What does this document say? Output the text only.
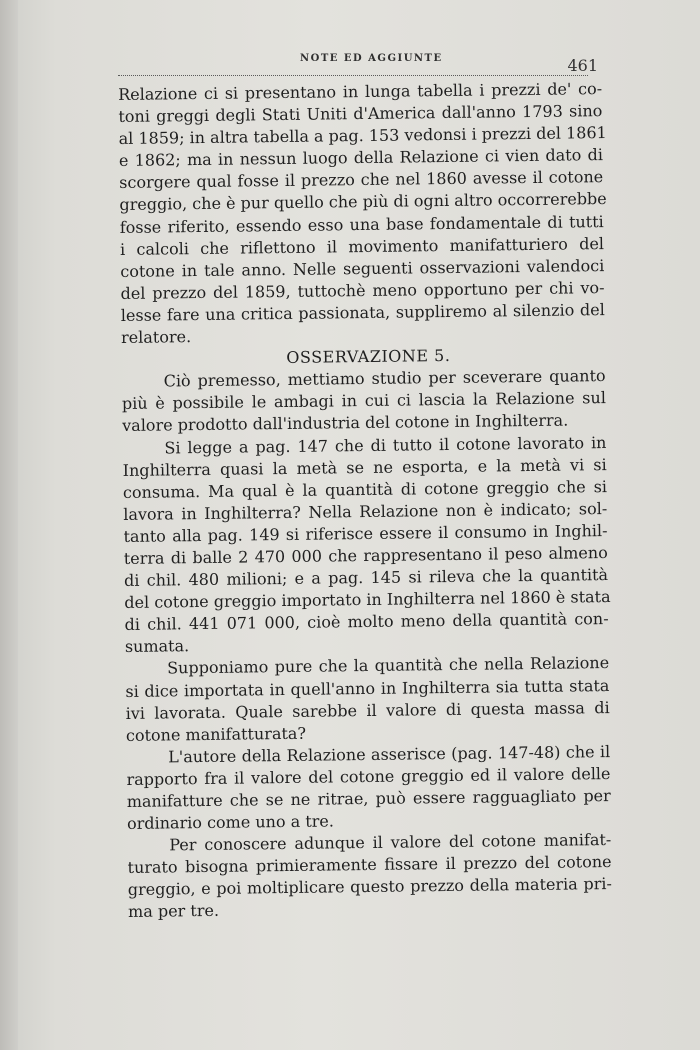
NOTE ED AGGIUNTE	461
Relazione ci si presentano in lunga tabella i prezzi de' co-
toni greggi degli Stati Uniti d'America dall'anno 1793 sino
al 1859; in altra tabella a pag. 153 vedonsi i prezzi del 1861
e 1862; ma in nessun luogo della Relazione ci vien dato di
scorgere qual fosse il prezzo che nel 1860 avesse il cotone
greggio, che è pur quello che più di ogni altro occorrerebbe
fosse riferito, essendo esso una base fondamentale di tutti
i calcoli che riflettono il movimento manifatturiero del
cotone in tale anno. Nelle seguenti osservazioni valendoci
del prezzo del 1859, tuttochè meno opportuno per chi vo-
lesse fare una critica passionata, suppliremo al silenzio del
relatore.
OSSERVAZIONE 5.
Ciò premesso, mettiamo studio per sceverare quanto
più è possibile le ambagi in cui ci lascia la Relazione sul
valore prodotto dall'industria del cotone in Inghilterra.
Si legge a pag. 147 che di tutto il cotone lavorato in
Inghilterra quasi la metà se ne esporta, e la metà vi si
consuma. Ma qual è la quantità di cotone greggio che si
lavora in Inghilterra? Nella Relazione non è indicato; sol-
tanto alla pag. 149 si riferisce essere il consumo in Inghil-
terra di balle 2 470 000 che rappresentano il peso almeno
di chil. 480 milioni; e a pag. 145 si rileva che la quantità
del cotone greggio importato in Inghilterra nel 1860 è stata
di chil. 441 071 000, cioè molto meno della quantità con-
sumata.
Supponiamo pure che la quantità che nella Relazione
si dice importata in quell'anno in Inghilterra sia tutta stata
ivi lavorata. Quale sarebbe il valore di questa massa di
cotone manifatturata?
L'autore della Relazione asserisce (pag. 147-48) che il
rapporto fra il valore del cotone greggio ed il valore delle
manifatture che se ne ritrae, può essere ragguagliato per
ordinario come uno a tre.
Per conoscere adunque il valore del cotone manifat-
turato bisogna primieramente fissare il prezzo del cotone
greggio, e poi moltiplicare questo prezzo della materia pri-
ma per tre.
